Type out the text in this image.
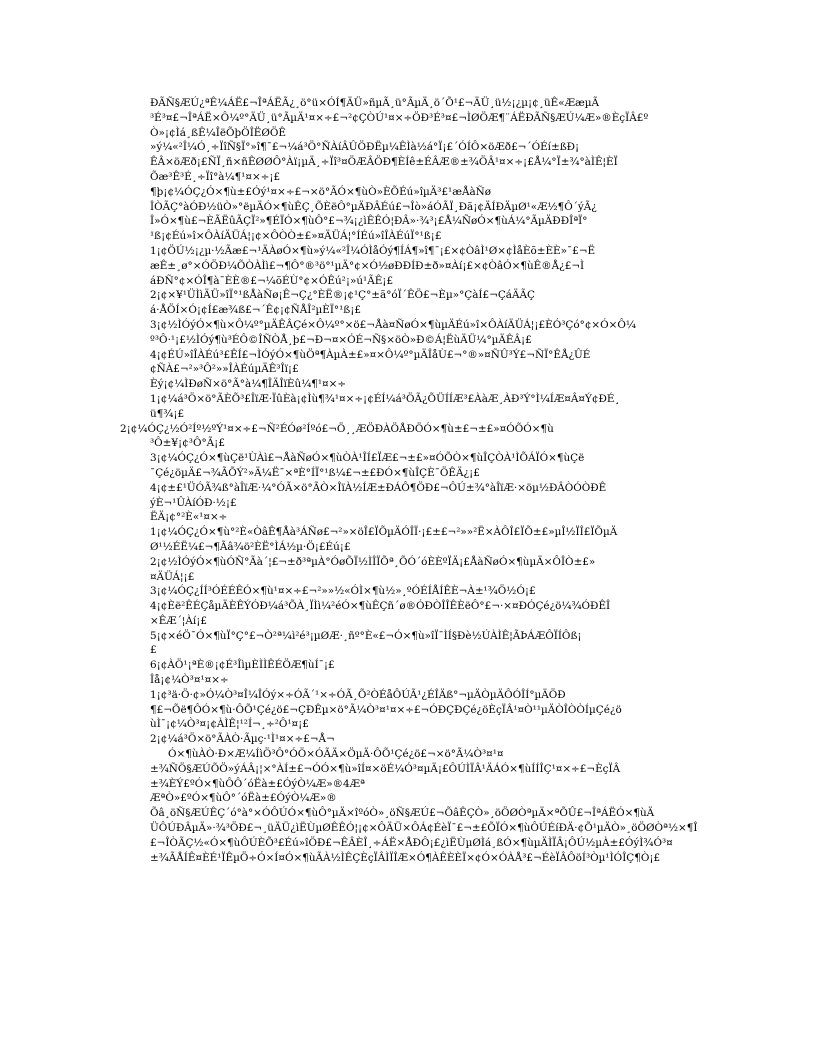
ÐÃÑ§ÆÚ¿ªÊ¼ÁË£¬ÎªÁËÃ¿¸ö°ü×ÓÍ¶ÄÜ»ñµÃ¸ü°ÃµÄ¸ö´Õ¹£¬ÄÜ¸ü½¡¿µ¡¢¸üÊ«ÆæµÃ
³É³¤£¬ÎªÁË×Ô¼º°ÄÜ¸ü°ÃµÄ¹¤×÷£¬²¢ÇÒÚ¹¤×÷ÖÐ³É³¤£¬ÌØÖÆ¶¨ÁËÐÃÑ§ÆÚ¼Æ»®ÈçÏÂ£º
Ò»¡¢Ìá¸ßÊ¼ÎëÕþÖÎËØÖÊ
»ý¼«²Î¼Ó¸÷ÏîÑ§Ï°»î¶¯£¬¼á³Ö°ÑÀíÂÛÖÐËµ¼ÊÌà½á°Ï¡£´ÓÍÔ×öÆð£¬´ÓÉí±ßÐ¡
ÊÂ×öÆð¡£ÑÏ¸ñ×ñÊØØÔ°Àï¡µÄ¸÷Ïî³¤ÖÆÂÖÐ¶ÈÍê±ÉÂÆ®±¾ÖÂ¹¤×÷¡£Å¼°Ï±¾°àÌÊ¦ÈÏ
Õæ³Ê³É¸÷Ïî°à¼¶¹¤×÷¡£
¶þ¡¢¼ÓÇ¿Ó×¶ù±£Óý¹¤×÷£¬×ö°ÃÓ×¶ùÒ»ÈÕÉú»îµÄ³£¹æÅàÑø
ÎÒÃÇ°àÓÐ½üÒ»°ëµÄÓ×¶ùÊÇ¸ÕÈëÔ°µÄÐÂÉú£¬Îò»áÓÃÏ¸Ðã¡¢ÄÍÐÄµØ¹«Æ½¶Ô´ýÃ¿
Î»Ó×¶ù£¬ÈÃËûÃÇÏ²»¶ÉÏÓ×¶ùÔ°£¬¾¡¿ìÊÊÓ¦ÐÂ»·¾³¡£Å¼ÑøÓ×¶ùÁ¼°ÃµÄÐÐÎªÏ°
¹ß¡¢Éú»î×ÔÀíÄÜÁ¦¡¢×ÔÒÒ±£»¤ÄÜÁ¦°ÍÉú»îÎÀÉúÏ°¹ß¡£
1¡¢ÖÚ½¡¿µ·½Ãæ£¬¹ÄÀøÓ×¶ù»ý¼«²Î¼ÓÌåÓý¶ÍÁ¶»î¶¯¡£×¢ÒâÌ¹Ø×¢ÌåÈõ±ÈÈ»¯£¬Ë
æÊ±¸ø°×ÓÖÐ¼ÕÒÀÌì£¬¶Ô°®³ö°¹µÄ°¢×Ó½øÐÐÍÐ±ð»¤Àí¡£×¢ÒâÓ×¶ùÊ®Å¿£¬Ì
áÐÑ°¢×ÓÎ¶à¯ÈÈ®£¬¼õÉÙ°¢×ÓÊú²¡»ú¹ÃÊ¡£
2¡¢×¥¹ÜÌìÄÜ»îÏ°¹ßÅàÑø¡Ê¬Ç¿°ÈË®¡¢¹Ç°±ã°óÏ´ÊÖ£¬Èµ»°ÇàÍ£¬ÇáÄÃÇ
á·ÅÖÍ×Ó¡¢Í£æ¾ß£¬´Ê¢¡¢ÑÅÎ²µÈÏ°¹ß¡£
3¡¢½ÌÓýÓ×¶ù×Ô¼º°µÄÊÂÇé×Ô¼º°×ö£¬Åà¤ÑøÓ×¶ùµÄÉú»î×ÔÀíÄÜÁ¦¡£ÈÓ³Çó°¢×Ó×Ô¼
º³Ô·¹¡£½ÌÓý¶ù³ÉÔ©ÎÑÒÅ¸þ£¬Ð¬¤×ÓÉ¬Ñ§×öÒ»Ð©Á¦ËùÄÜ¼°µÄÊÂ¡£
4¡¢ÉÚ»îÎÀÉú³£ÊÍ£¬ÌÓýÓ×¶ùÖª¶ÀµÀ±£»¤×Ô¼º°µÄÎåÙ£¬°®»¤ÑÛ³Ý£¬ÑÏ°ÊÅ¿ÛÉ
¢ÑÀ£¬²»³Ô²»»ÎÀÉúµÄÊ³Îï¡£
Èý¡¢¼ÌÐøÑ×ö°Ã°à¼¶ÎÄÎïÈû¼¶¹¤×÷
1¡¢¼á³Ö×ö°ÃÈÕ³£ÎïÆ·ÏûÈà¡¢Ìù¶¾¹¤×÷¡¢ÉÍ¼á³ÖÃ¿ÕÜÍÍÆ³£ÀàÆ¸ÀÐ³Ý°Ì¼ÍÆ¤Â¤Ý¢ÐÉ¸
ü¶¾¡£
2¡¢¼ÓÇ¿½Ó²Íº½ºÝ¹¤×÷£¬Ñ²ÉÓø²Íºó£¬Ö¸¸ÆÖÐÀÖÅÐÖÓ×¶ù±£¬±£»¤ÓÕÓ×¶ù
³Ô±¥¡¢³Ô°Ã¡£
3¡¢¼ÓÇ¿Ó×¶ùÇë¹ÙÀì£¬ÅàÑøÓ×¶ùÒÀ¹ÎÍ£ÏÆ£¬±£»¤ÓÕÒ×¶ùÎÇÒÀ¹ÌÕÁÏÓ×¶ùÇë
¯Çé¿öµÄ£¬¾ÃÕÝ²»Ä¼Ë¯×ªÈ°ÍÏ°¹ß¼£¬±£ÐÓ×¶ùÎÇÈ¯ÖÊÄ¿¡£
4¡¢±£¹ÜÓÃ¾ß°àÎïÆ·¼°ÓÃ×ö°ÃÒ×ÎïÀ½ÍÆ±ÐÁÔ¶ÖÐ£¬ÔÚ±¾°àÎïÆ·×öµ½ÐÂÒÓÒÐÊ
ýÈ¬¹ÛÀíÓÐ·½¡£
ËÄ¡¢°²È«¹¤×÷
1¡¢¼ÓÇ¿Ó×¶ù°²È«ÒâÊ¶Åà³ÁÑø£¬²»×öÎ£ÏÕµÄÓÎÏ·¡£±£¬²»»²Ë×ÀÔÎ£ÏÕ±£»µÎ½ÏÎ£ÏÕµÄ
Ø¹½ÉË¼£¬¶Ãâ¾ö²ÈË°ÌÁ½µ·Ö¡£Éú¡£
2¡¢½ÌÓýÓ×¶ùÓÑ°Ãà´¦£¬±ð³ªµÀ°ÓøÕÏ½ÌÎÏÕª¸ÕÓ´óÈÈºÏÄ¡£ÅàÑøÓ×¶ùµÄ×ÔÎÒ±£»
¤ÄÜÁ¦¡£
3¡¢¼ÓÇ¿ÍÍ³ÓÉÉÊÓ×¶ù¹¤×÷£¬²»»½«ÓÌ×¶ù½»¸ºÓÉÍÅÍÊÈ¬À±¹¾Ö½Ó¡£
4¡¢Èë²ÊÉÇåµÄÈÊÝÓÐ¼á³ÕÀ¸ÏÌì¼²éÓ×¶ùÊÇñ´ø®ÓÐÒÎÎÊÈëÔ°£¬·×¤ÐÓÇé¿ö¼¾ÓÐÊÎ
×ÊÆ´¦Àí¡£
5¡¢×éÖ¯Ó×¶ùÏ°Ç°£¬Ò²ª¼ì²é³¡µØÆ·¸ñº°È«£¬Ó×¶ù»îÏ¯ÌÍ§Ðè½ÚÀÌÊ¦ÃÞÁÆÔÏÍÔß¡
£
6¡¢ÀÖ¹¡ªÈ®¡¢É³ÎìµÈÌÌÊÉÖÆ¶ùÍ¯¡£
Îå¡¢¼Ò³¤¹¤×÷
1¡¢³ä·Ö·¢»Ó¼Ò³¤Î¼ÎÓý×÷ÓÃ´¹×÷ÓÃ¸Õ²ÒÉåÔÚÃ¹¿ÉÎÄß°¬µÄÒµÄÔÓÎÍ°µÄÖÐ
¶£¬Õë¶ÔÓ×¶ù·ÔÕ¹Çé¿ö£¬ÇÐÊµ×ö°Ã¼Ò³¤¹¤×÷£¬ÓÐÇÐÇé¿öÈçÏÂ¹¤Ò¹¹µÄÒÎÒÒÍµÇé¿ö
ùÌ¯¡¢¼Ò³¤¡¢ÀÌÊ¦¹²Í¬¸÷²Ô¹¤¡£
2¡¢¼á³Ö×ö°ÃÀÒ·Ãµç·¹Ì¹¤×÷£¬Å¬
Ó×¶ùÀÒ·Ð×Æ¼ÍìÖ³Ô°ÓÖ×ÓÃÄ×ÖµÄ·ÔÕ¹Çé¿ö£¬×ö°Ã¼Ò³¤¹¤
±¾ÑÖ§ÆÚÕÖ»ýÁÂ¡¦×°ÀÍ±£¬ÓÓ×¶ù»îÍ¤×öÉ¼Ó³¤µÄ¡£ÔÚÌÏÂ¹ÄÁÓ×¶ùÍÍÎÇ¹¤×÷£¬ÈçÏÂ
±¾ÈÝ£ºÓ×¶ùÔÔ´óËà±£ÓýÒ¼Æ»®4Æª
ÆªÒ»£ºÓ×¶ùÔ°´óËà±£ÓýÒ¼Æ»®
Õâ¸öÑ§ÆÚÊÇ´ó°à°×ÓÔÚÓ×¶ùÔ°µÄ×îºóÒ»¸öÑ§ÆÚ£¬ÕâÊÇÒ»¸öÖØÒªµÄ×ªÕÛ£¬ÎªÁËÓ×¶ùÄ
ÜÔÚÐÂµÄ»·¾³ÖÐ£¬¸üÄÜ¿ìËÙµØÊÊÓ¦¡¢×ÔÄÜ×ÔÁ¢ÉèÏ¯£¬±£ÕÏÓ×¶ùÔÚÉíÐÄ·¢Õ¹µÄÒ»¸öÖØÒª½×¶Î
£¬ÎÒÃÇ½«Ó×¶ùÔÚÈÕ³£Éú»îÖÐ£¬ÊÂÈÎ¸÷ÁË×ÅÐÔ¡£¿ìËÙµØÌá¸ßÓ×¶ùµÄÌÏÂ¡ÔÚ½µÀ±£ÓýÌ¾Ó³¤
±¾ÃÅÍÊ¤ÈÉ¹ÏÊµÖ÷Ó×Í¤Ó×¶ùÃÀ½ÌÊÇÈçÏÂÌÏÎÆ×Ó¶ÀÊÈÈÏ×¢Ó×ÓÀÅ³£¬ÉèÏÂÔöÍ³Òµ¹ÌÓÎÇ¶Ò¡£
